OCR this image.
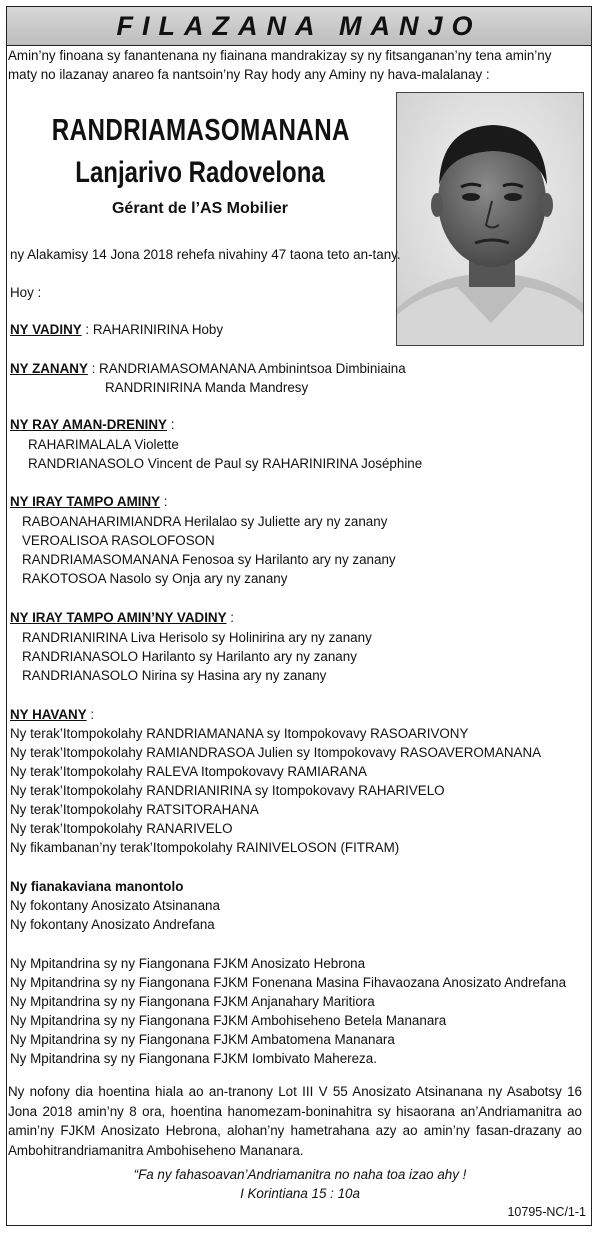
FILAZANA MANJO
Amin’ny finoana sy fanantenana ny fiainana mandrakizay sy ny fitsanganan’ny tena amin’ny maty no ilazanay anareo fa nantsoin’ny Ray hody any Aminy ny hava-malalanay :
RANDRIAMASOMANANA
Lanjarivo Radovelona
Gérant de l’AS Mobilier
ny Alakamisy 14 Jona 2018 rehefa nivahiny 47 taona teto an-tany.
Hoy :
NY VADINY : RAHARINIRINA Hoby
NY ZANANY : RANDRIAMASOMANANA Ambinintsoa Dimbiniaina
RANDRINIRINA Manda Mandresy
NY RAY AMAN-DRENINY :
RAHARIMALALA Violette
RANDRIANASOLO Vincent de Paul sy RAHARINIRINA Joséphine
NY IRAY TAMPO AMINY :
RABOANAHARIMIANDRA Herilalao sy Juliette ary ny zanany
VEROALISOA RASOLOFOSON
RANDRIAMASOMANANA Fenosoa sy Harilanto ary ny zanany
RAKOTOSOA Nasolo sy Onja ary ny zanany
NY IRAY TAMPO AMIN’NY VADINY :
RANDRIANIRINA Liva Herisolo sy Holinirina ary ny zanany
RANDRIANASOLO Harilanto sy Harilanto ary ny zanany
RANDRIANASOLO Nirina sy Hasina ary ny zanany
NY HAVANY :
Ny terak’Itompokolahy RANDRIAMANANA sy Itompokovavy RASOARIVONY
Ny terak’Itompokolahy RAMIANDRASOA Julien sy Itompokovavy RASOAVEROMANANA
Ny terak’Itompokolahy RALEVA Itompokovavy RAMIARANA
Ny terak’Itompokolahy RANDRIANIRINA sy Itompokovavy RAHARIVELO
Ny terak’Itompokolahy RATSITORAHANA
Ny terak’Itompokolahy RANARIVELO
Ny fikambanan’ny terak’Itompokolahy RAINIVELOSON (FITRAM)
Ny fianakaviana manontolo
Ny fokontany Anosizato Atsinanana
Ny fokontany Anosizato Andrefana
Ny Mpitandrina sy ny Fiangonana FJKM Anosizato Hebrona
Ny Mpitandrina sy ny Fiangonana FJKM Fonenana Masina Fihavaozana Anosizato Andrefana
Ny Mpitandrina sy ny Fiangonana FJKM Anjanahary Maritiora
Ny Mpitandrina sy ny Fiangonana FJKM Ambohiseheno Betela Mananara
Ny Mpitandrina sy ny Fiangonana FJKM Ambatomena Mananara
Ny Mpitandrina sy ny Fiangonana FJKM Iombivato Mahereza.
Ny nofony dia hoentina hiala ao an-tranony Lot III V 55 Anosizato Atsinanana ny Asabotsy 16 Jona 2018 amin’ny 8 ora, hoentina hanomezam-boninahitra sy hisaorana an’Andriamanitra ao amin’ny FJKM Anosizato Hebrona, alohan’ny hametrahana azy ao amin’ny fasan-drazany ao Ambohitrandriamanitra Ambohiseheno Mananara.
“Fa ny fahasoavan’Andriamanitra no naha toa izao ahy !
I Korintiana 15 : 10a
10795-NC/1-1
